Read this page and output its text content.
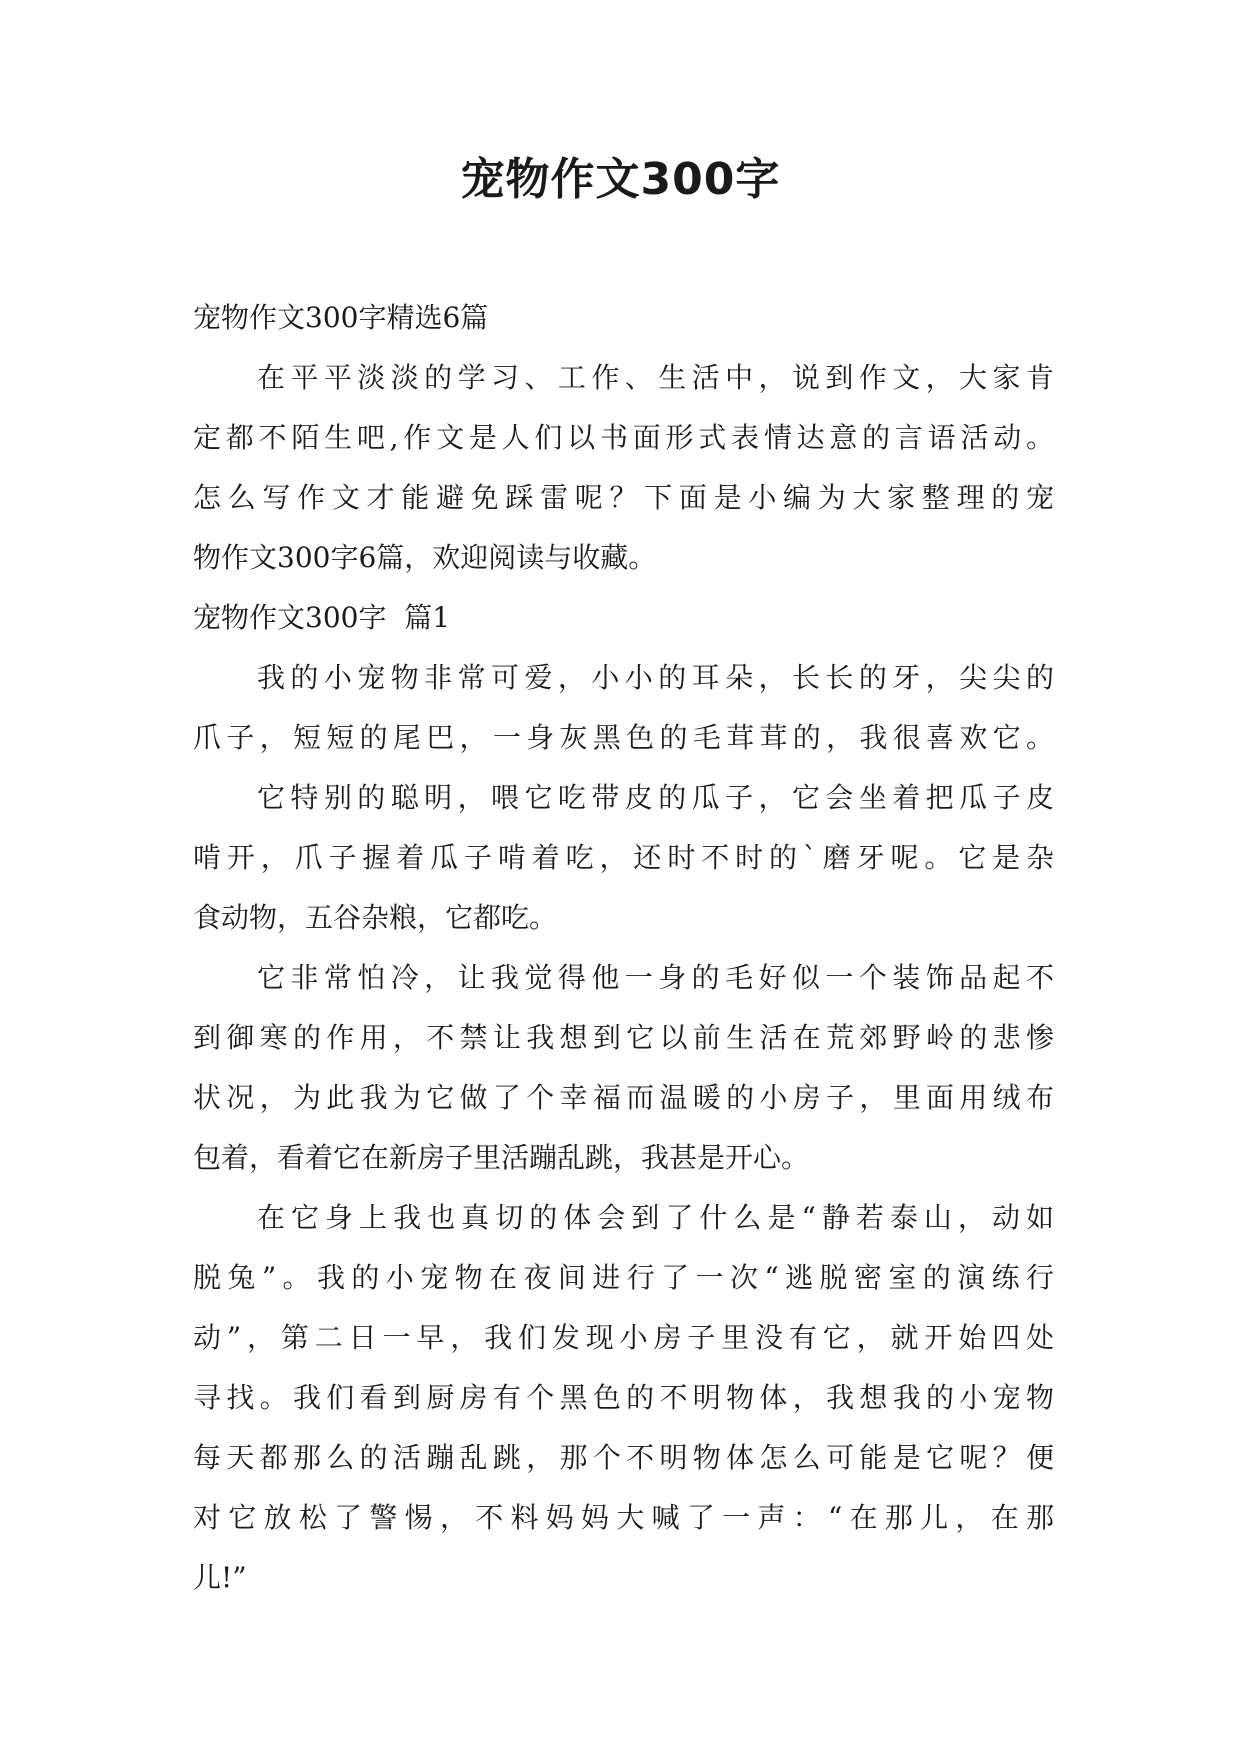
宠物作文300字

宠物作文300字精选6篇

在平平淡淡的学习、工作、生活中，说到作文，大家肯

定都不陌生吧,作文是人们以书面形式表情达意的言语活动。

怎么写作文才能避免踩雷呢？下面是小编为大家整理的宠

物作文300字6篇，欢迎阅读与收藏。

宠物作文300字  篇1

我的小宠物非常可爱，小小的耳朵，长长的牙，尖尖的

爪子，短短的尾巴，一身灰黑色的毛茸茸的，我很喜欢它。

它特别的聪明，喂它吃带皮的瓜子，它会坐着把瓜子皮

啃开，爪子握着瓜子啃着吃，还时不时的`磨牙呢。它是杂

食动物，五谷杂粮，它都吃。

它非常怕冷，让我觉得他一身的毛好似一个装饰品起不

到御寒的作用，不禁让我想到它以前生活在荒郊野岭的悲惨

状况，为此我为它做了个幸福而温暖的小房子，里面用绒布

包着，看着它在新房子里活蹦乱跳，我甚是开心。

在它身上我也真切的体会到了什么是“静若泰山，动如

脱兔”。我的小宠物在夜间进行了一次“逃脱密室的演练行

动”，第二日一早，我们发现小房子里没有它，就开始四处

寻找。我们看到厨房有个黑色的不明物体，我想我的小宠物

每天都那么的活蹦乱跳，那个不明物体怎么可能是它呢？便

对它放松了警惕，不料妈妈大喊了一声：“在那儿，在那

儿!”
